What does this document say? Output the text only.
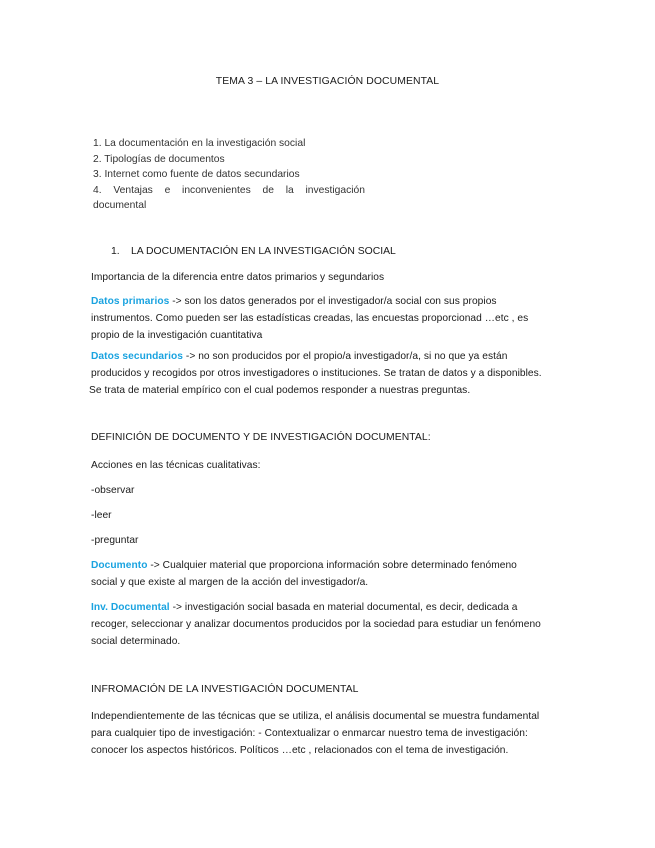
TEMA 3 – LA INVESTIGACIÓN DOCUMENTAL
1. La documentación en la investigación social
2. Tipologías de documentos
3. Internet como fuente de datos secundarios
4. Ventajas e inconvenientes de la investigación
documental
1. LA DOCUMENTACIÓN EN LA INVESTIGACIÓN SOCIAL
Importancia de la diferencia entre datos primarios y segundarios
Datos primarios -> son los datos generados por el investigador/a social con sus propios
instrumentos. Como pueden ser las estadísticas creadas, las encuestas proporcionad …etc , es
propio de la investigación cuantitativa
Datos secundarios -> no son producidos por el propio/a investigador/a, si no que ya están
producidos y recogidos por otros investigadores o instituciones. Se tratan de datos y a disponibles.
Se trata de material empírico con el cual podemos responder a nuestras preguntas.
DEFINICIÓN DE DOCUMENTO Y DE INVESTIGACIÓN DOCUMENTAL:
Acciones en las técnicas cualitativas:
-observar
-leer
-preguntar
Documento -> Cualquier material que proporciona información sobre determinado fenómeno
social y que existe al margen de la acción del investigador/a.
Inv. Documental -> investigación social basada en material documental, es decir, dedicada a
recoger, seleccionar y analizar documentos producidos por la sociedad para estudiar un fenómeno
social determinado.
INFROMACIÓN DE LA INVESTIGACIÓN DOCUMENTAL
Independientemente de las técnicas que se utiliza, el análisis documental se muestra fundamental
para cualquier tipo de investigación: - Contextualizar o enmarcar nuestro tema de investigación:
conocer los aspectos históricos. Políticos …etc , relacionados con el tema de investigación.
